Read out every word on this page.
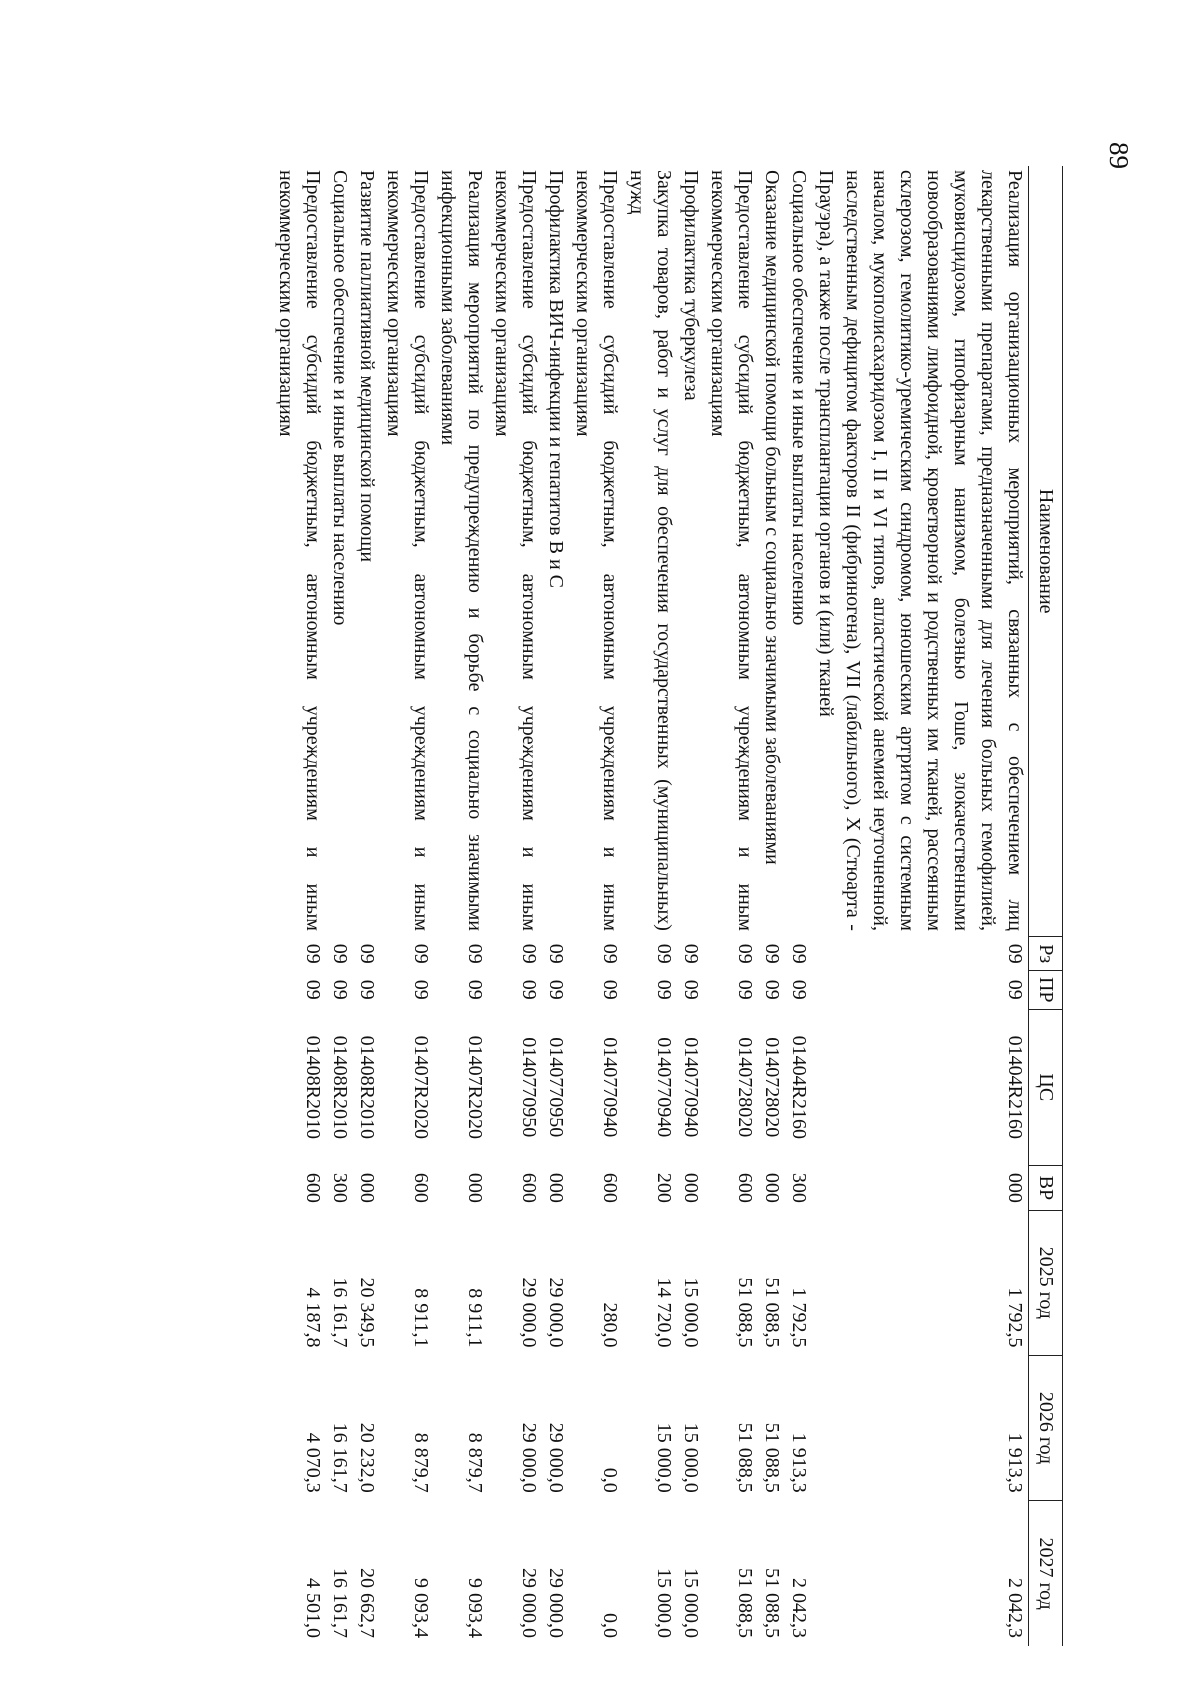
89
Наименование	Рз	ПР	ЦС	ВР	2025 год	2026 год	2027 год
Реализация организационных мероприятий, связанных с обеспечением лиц лекарственными препаратами, предназначенными для лечения больных гемофилией, муковисцидозом, гипофизарным нанизмом, болезнью Гоше, злокачественными новообразованиями лимфоидной, кроветворной и родственных им тканей, рассеянным склерозом, гемолитико-уремическим синдромом, юношеским артритом с системным началом, мукополисахаридозом I, II и VI типов, апластической анемией неуточненной, наследственным дефицитом факторов II (фибриногена), VII (лабильного), X (Стюарта - Прауэра), а также после трансплантации органов и (или) тканей	09	09	01404R2160	000	1 792,5	1 913,3	2 042,3
Социальное обеспечение и иные выплаты населению	09	09	01404R2160	300	1 792,5	1 913,3	2 042,3
Оказание медицинской помощи больным с социально значимыми заболеваниями	09	09	0140728020	000	51 088,5	51 088,5	51 088,5
Предоставление субсидий бюджетным, автономным учреждениям и иным некоммерческим организациям	09	09	0140728020	600	51 088,5	51 088,5	51 088,5
Профилактика туберкулеза	09	09	0140770940	000	15 000,0	15 000,0	15 000,0
Закупка товаров, работ и услуг для обеспечения государственных (муниципальных) нужд	09	09	0140770940	200	14 720,0	15 000,0	15 000,0
Предоставление субсидий бюджетным, автономным учреждениям и иным некоммерческим организациям	09	09	0140770940	600	280,0	0,0	0,0
Профилактика ВИЧ-инфекции и гепатитов В и С	09	09	0140770950	000	29 000,0	29 000,0	29 000,0
Предоставление субсидий бюджетным, автономным учреждениям и иным некоммерческим организациям	09	09	0140770950	600	29 000,0	29 000,0	29 000,0
Реализация мероприятий по предупреждению и борьбе с социально значимыми инфекционными заболеваниями	09	09	01407R2020	000	8 911,1	8 879,7	9 093,4
Предоставление субсидий бюджетным, автономным учреждениям и иным некоммерческим организациям	09	09	01407R2020	600	8 911,1	8 879,7	9 093,4
Развитие паллиативной медицинской помощи	09	09	01408R2010	000	20 349,5	20 232,0	20 662,7
Социальное обеспечение и иные выплаты населению	09	09	01408R2010	300	16 161,7	16 161,7	16 161,7
Предоставление субсидий бюджетным, автономным учреждениям и иным некоммерческим организациям	09	09	01408R2010	600	4 187,8	4 070,3	4 501,0
